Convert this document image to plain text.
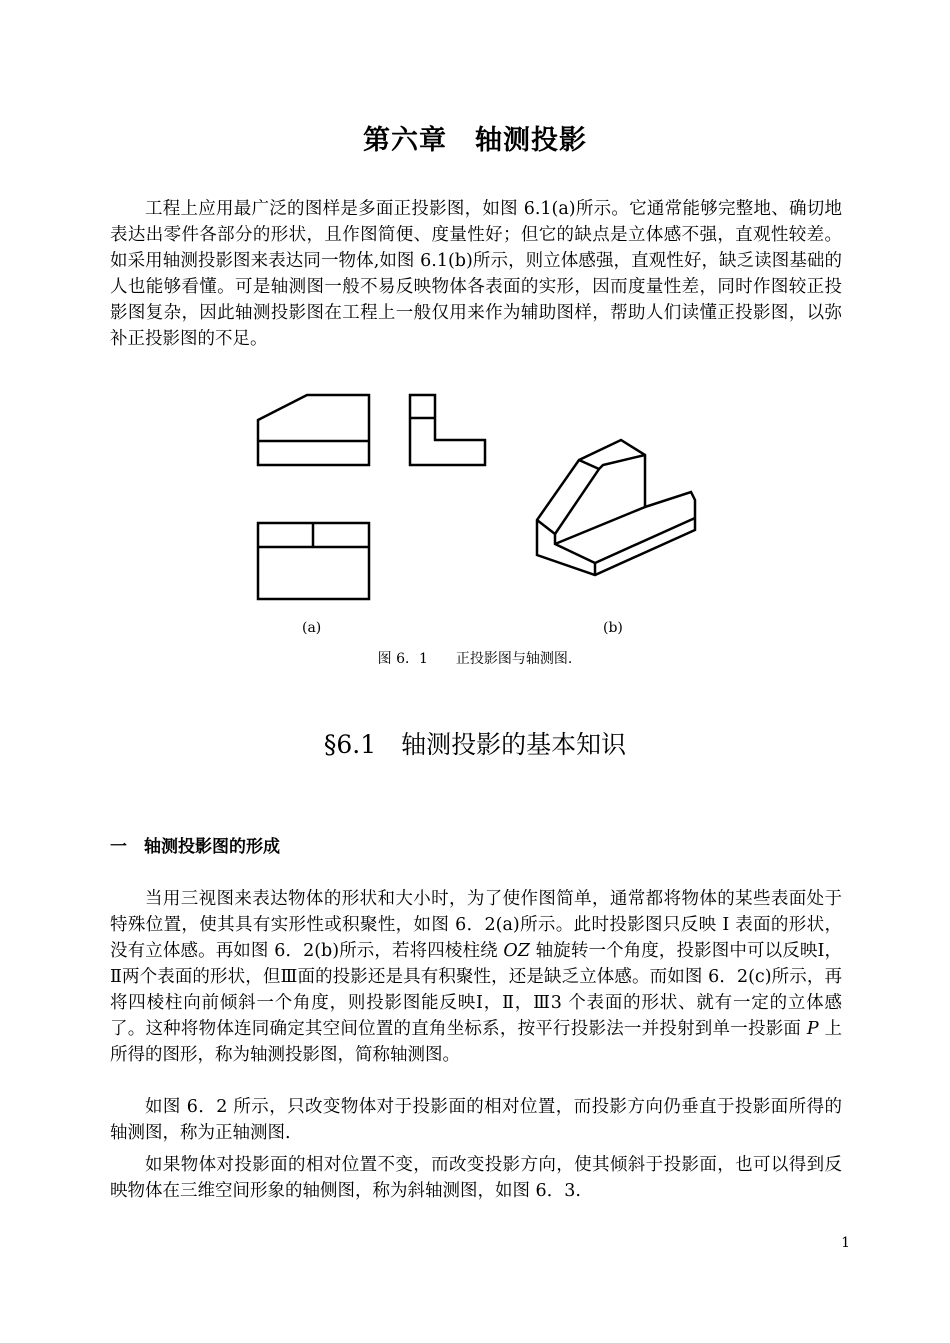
第六章　轴测投影

工程上应用最广泛的图样是多面正投影图，如图 6.1(a)所示。它通常能够完整地、确切地表达出零件各部分的形状，且作图简便、度量性好；但它的缺点是立体感不强，直观性较差。如采用轴测投影图来表达同一物体,如图 6.1(b)所示，则立体感强，直观性好，缺乏读图基础的人也能够看懂。可是轴测图一般不易反映物体各表面的实形，因而度量性差，同时作图较正投影图复杂，因此轴测投影图在工程上一般仅用来作为辅助图样，帮助人们读懂正投影图，以弥补正投影图的不足。

(a)	(b)
图 6．1　　正投影图与轴测图.
§6.1　轴测投影的基本知识
一　轴测投影图的形成

当用三视图来表达物体的形状和大小时，为了使作图简单，通常都将物体的某些表面处于特殊位置，使其具有实形性或积聚性，如图 6．2(a)所示。此时投影图只反映 I 表面的形状，没有立体感。再如图 6．2(b)所示，若将四棱柱绕 OZ 轴旋转一个角度，投影图中可以反映Ⅰ，Ⅱ两个表面的形状，但Ⅲ面的投影还是具有积聚性，还是缺乏立体感。而如图 6．2(c)所示，再将四棱柱向前倾斜一个角度，则投影图能反映Ⅰ，Ⅱ，Ⅲ3 个表面的形状、就有一定的立体感了。这种将物体连同确定其空间位置的直角坐标系，按平行投影法一并投射到单一投影面 P 上所得的图形，称为轴测投影图，简称轴测图。

如图 6．2 所示，只改变物体对于投影面的相对位置，而投影方向仍垂直于投影面所得的轴测图，称为正轴测图.

如果物体对投影面的相对位置不变，而改变投影方向，使其倾斜于投影面，也可以得到反映物体在三维空间形象的轴侧图，称为斜轴测图，如图 6．3.

1
